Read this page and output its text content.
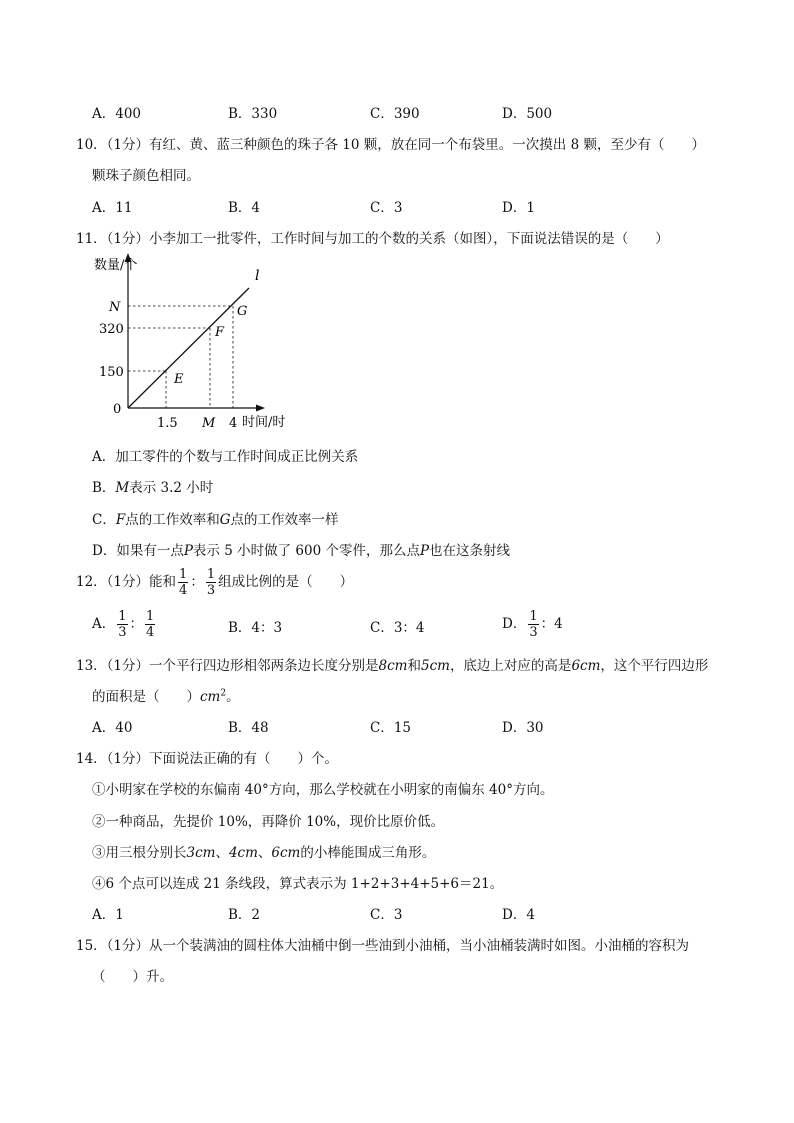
A．400	B．330	C．390	D．500
10．（1分）有红、黄、蓝三种颜色的珠子各 10 颗，放在同一个布袋里。一次摸出 8 颗，至少有（　　）
颗珠子颜色相同。
A．11	B．4	C．3	D．1
11．（1分）小李加工一批零件，工作时间与加工的个数的关系（如图），下面说法错误的是（　　）
数量/个
时间/时
l
0
150
320
N
1.5 M 4
E
F
G
A．加工零件的个数与工作时间成正比例关系
B．M表示 3.2 小时
C．F点的工作效率和G点的工作效率一样
D．如果有一点P表示 5 小时做了 600 个零件，那么点P也在这条射线
12．（1分）能和 $\frac{1}{4}$ ： $\frac{1}{3}$ 组成比例的是（　　）
A． $\frac{1}{3}$ ： $\frac{1}{4}$	B．4：3	C．3：4	D． $\frac{1}{3}$ ：4
13．（1分）一个平行四边形相邻两条边长度分别是8cm和5cm，底边上对应的高是6cm，这个平行四边形
的面积是（　　）$cm^2$。
A．40	B．48	C．15	D．30
14．（1分）下面说法正确的有（　　）个。
①小明家在学校的东偏南 40°方向，那么学校就在小明家的南偏东 40°方向。
②一种商品，先提价 10%，再降价 10%，现价比原价低。
③用三根分别长3cm、4cm、6cm的小棒能围成三角形。
④6 个点可以连成 21 条线段，算式表示为 1+2+3+4+5+6＝21。
A．1	B．2	C．3	D．4
15．（1分）从一个装满油的圆柱体大油桶中倒一些油到小油桶，当小油桶装满时如图。小油桶的容积为
（　　）升。
